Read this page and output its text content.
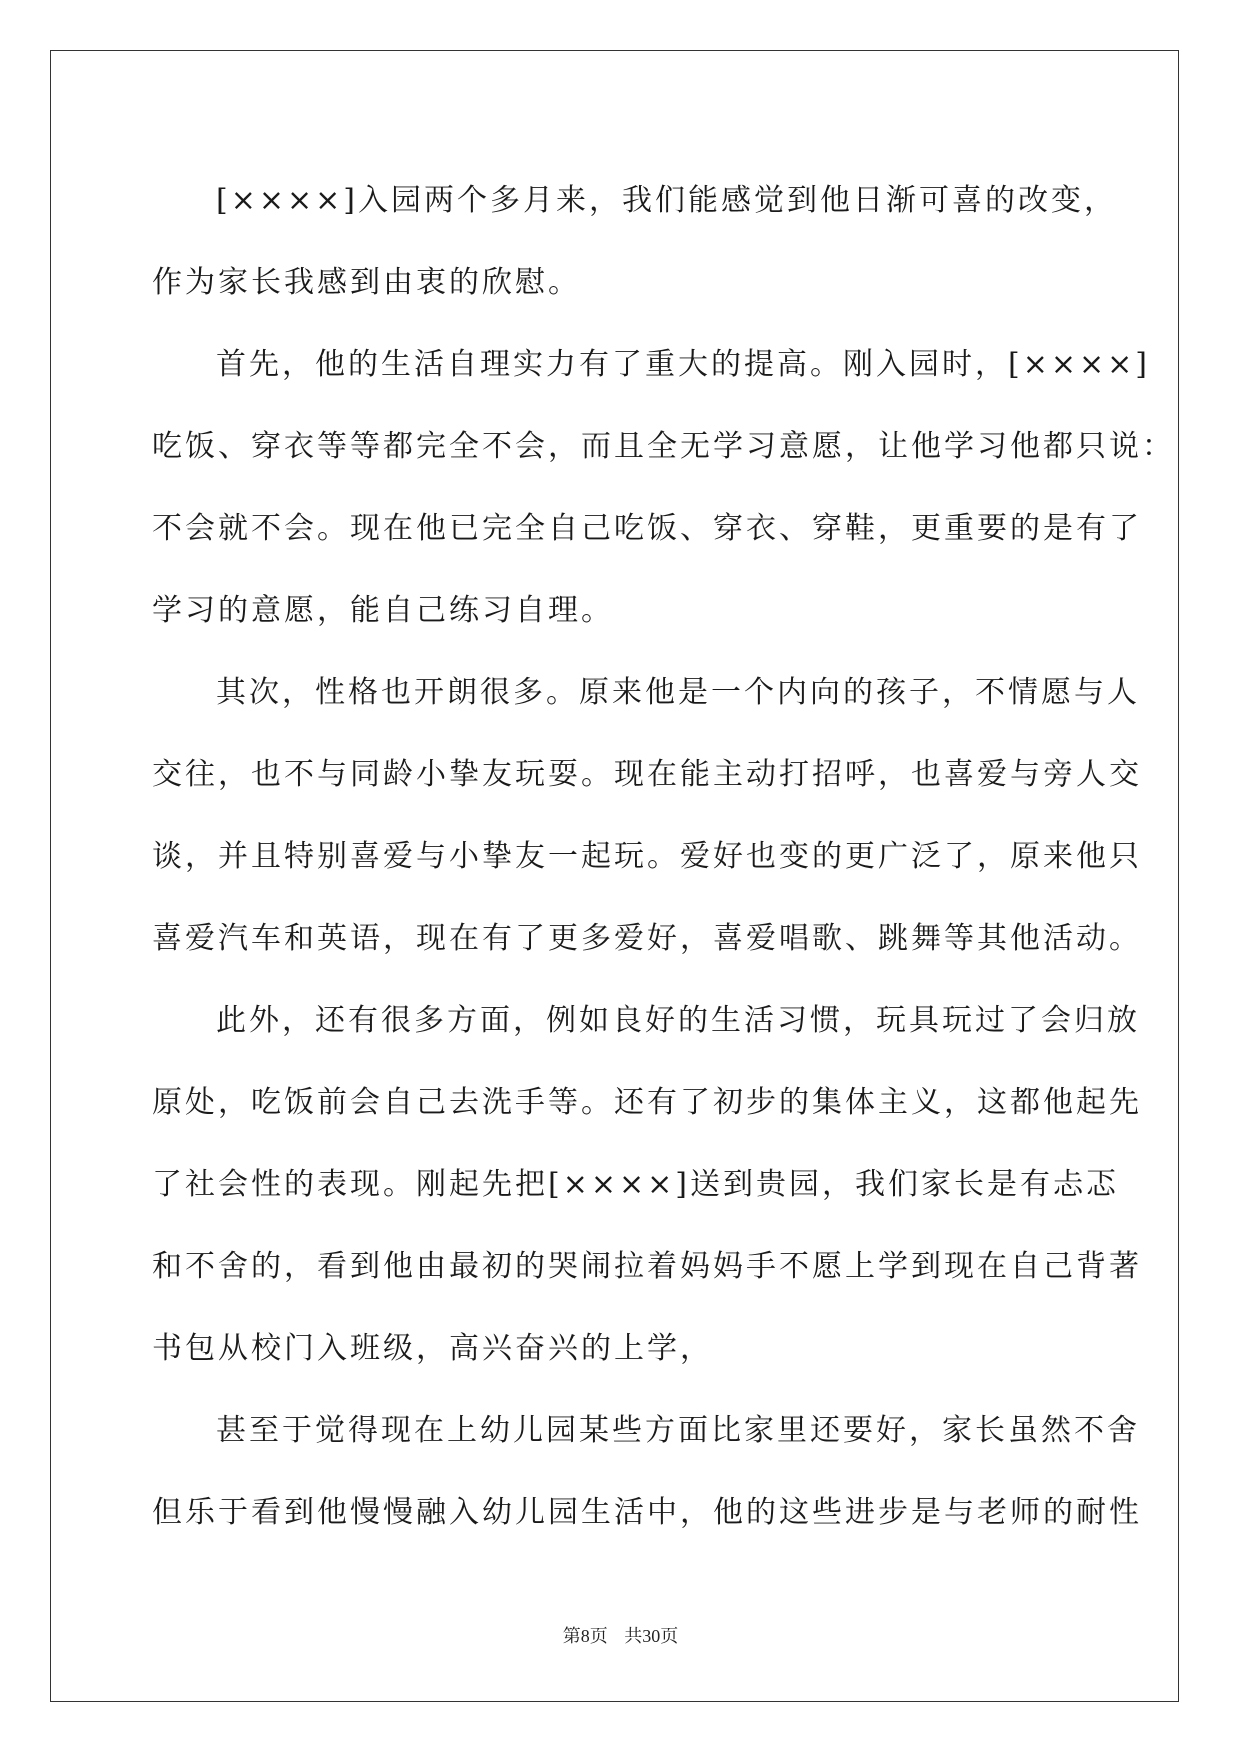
[××××]入园两个多月来，我们能感觉到他日渐可喜的改变，
作为家长我感到由衷的欣慰。
首先，他的生活自理实力有了重大的提高。刚入园时，[××××]
吃饭、穿衣等等都完全不会，而且全无学习意愿，让他学习他都只说：
不会就不会。现在他已完全自己吃饭、穿衣、穿鞋，更重要的是有了
学习的意愿，能自己练习自理。
其次，性格也开朗很多。原来他是一个内向的孩子，不情愿与人
交往，也不与同龄小挚友玩耍。现在能主动打招呼，也喜爱与旁人交
谈，并且特别喜爱与小挚友一起玩。爱好也变的更广泛了，原来他只
喜爱汽车和英语，现在有了更多爱好，喜爱唱歌、跳舞等其他活动。
此外，还有很多方面，例如良好的生活习惯，玩具玩过了会归放
原处，吃饭前会自己去洗手等。还有了初步的集体主义，这都他起先
了社会性的表现。刚起先把[××××]送到贵园，我们家长是有忐忑
和不舍的，看到他由最初的哭闹拉着妈妈手不愿上学到现在自己背著
书包从校门入班级，高兴奋兴的上学，
甚至于觉得现在上幼儿园某些方面比家里还要好，家长虽然不舍
但乐于看到他慢慢融入幼儿园生活中，他的这些进步是与老师的耐性
第8页 共30页
